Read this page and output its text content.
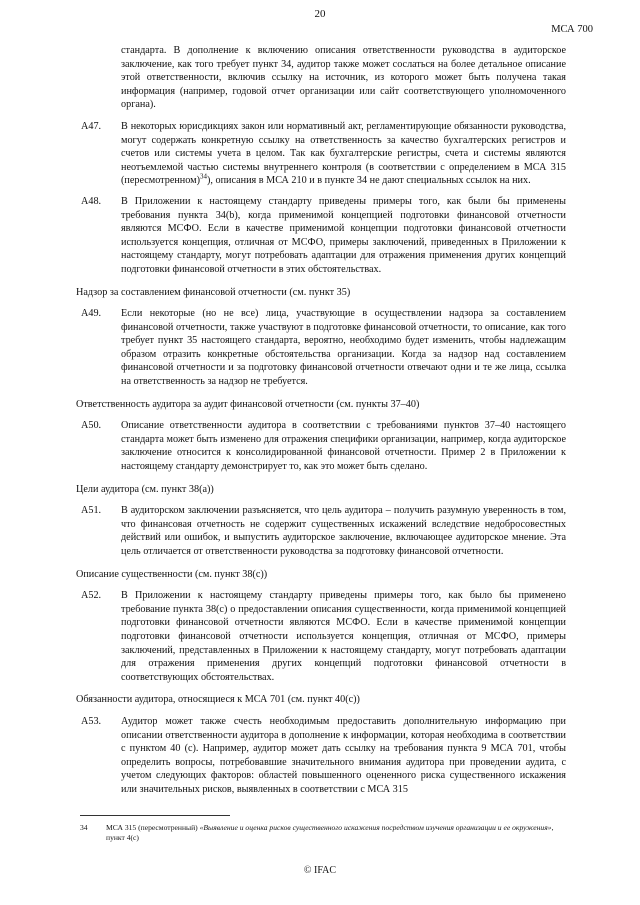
20
МСА 700

стандарта. В дополнение к включению описания ответственности руководства в аудиторское заключение, как того требует пункт 34, аудитор также может сослаться на более детальное описание этой ответственности, включив ссылку на источник, из которого может быть получена такая информация (например, годовой отчет организации или сайт соответствующего уполномоченного органа).

A47. В некоторых юрисдикциях закон или нормативный акт, регламентирующие обязанности руководства, могут содержать конкретную ссылку на ответственность за качество бухгалтерских регистров и счетов или системы учета в целом. Так как бухгалтерские регистры, счета и системы являются неотъемлемой частью системы внутреннего контроля (в соответствии с определением в МСА 315 (пересмотренном)$^{34}$), описания в МСА 210 и в пункте 34 не дают специальных ссылок на них.
A48. В Приложении к настоящему стандарту приведены примеры того, как были бы применены требования пункта 34(b), когда применимой концепцией подготовки финансовой отчетности являются МСФО. Если в качестве применимой концепции подготовки финансовой отчетности используется концепция, отличная от МСФО, примеры заключений, приведенных в Приложении к настоящему стандарту, могут потребовать адаптации для отражения применения других концепций подготовки финансовой отчетности в этих обстоятельствах.
Надзор за составлением финансовой отчетности (см. пункт 35)
A49. Если некоторые (но не все) лица, участвующие в осуществлении надзора за составлением финансовой отчетности, также участвуют в подготовке финансовой отчетности, то описание, как того требует пункт 35 настоящего стандарта, вероятно, необходимо будет изменить, чтобы надлежащим образом отразить конкретные обстоятельства организации. Когда за надзор над составлением финансовой отчетности и за подготовку финансовой отчетности отвечают одни и те же лица, ссылка на ответственность за надзор не требуется.
Ответственность аудитора за аудит финансовой отчетности (см. пункты 37–40)
A50. Описание ответственности аудитора в соответствии с требованиями пунктов 37–40 настоящего стандарта может быть изменено для отражения специфики организации, например, когда аудиторское заключение относится к консолидированной финансовой отчетности. Пример 2 в Приложении к настоящему стандарту демонстрирует то, как это может быть сделано.
Цели аудитора (см. пункт 38(а))
A51. В аудиторском заключении разъясняется, что цель аудитора – получить разумную уверенность в том, что финансовая отчетность не содержит существенных искажений вследствие недобросовестных действий или ошибок, и выпустить аудиторское заключение, включающее аудиторское мнение. Эта цель отличается от ответственности руководства за подготовку финансовой отчетности.
Описание существенности (см. пункт 38(c))
A52. В Приложении к настоящему стандарту приведены примеры того, как было бы применено требование пункта 38(c) о предоставлении описания существенности, когда применимой концепцией подготовки финансовой отчетности являются МСФО. Если в качестве применимой концепции подготовки финансовой отчетности используется концепция, отличная от МСФО, примеры заключений, представленных в Приложении к настоящему стандарту, могут потребовать адаптации для отражения применения других концепций подготовки финансовой отчетности в соответствующих обстоятельствах.
Обязанности аудитора, относящиеся к МСА 701 (см. пункт 40(c))
A53. Аудитор может также счесть необходимым предоставить дополнительную информацию при описании ответственности аудитора в дополнение к информации, которая необходима в соответствии с пунктом 40 (с). Например, аудитор может дать ссылку на требования пункта 9 МСА 701, чтобы определить вопросы, потребовавшие значительного внимания аудитора при проведении аудита, с учетом следующих факторов: областей повышенного оцененного риска существенного искажения или значительных рисков, выявленных в соответствии с МСА 315
34	МСА 315 (пересмотренный) «Выявление и оценка рисков существенного искажения посредством изучения организации и ее окружения», пункт 4(c)
© IFAC
